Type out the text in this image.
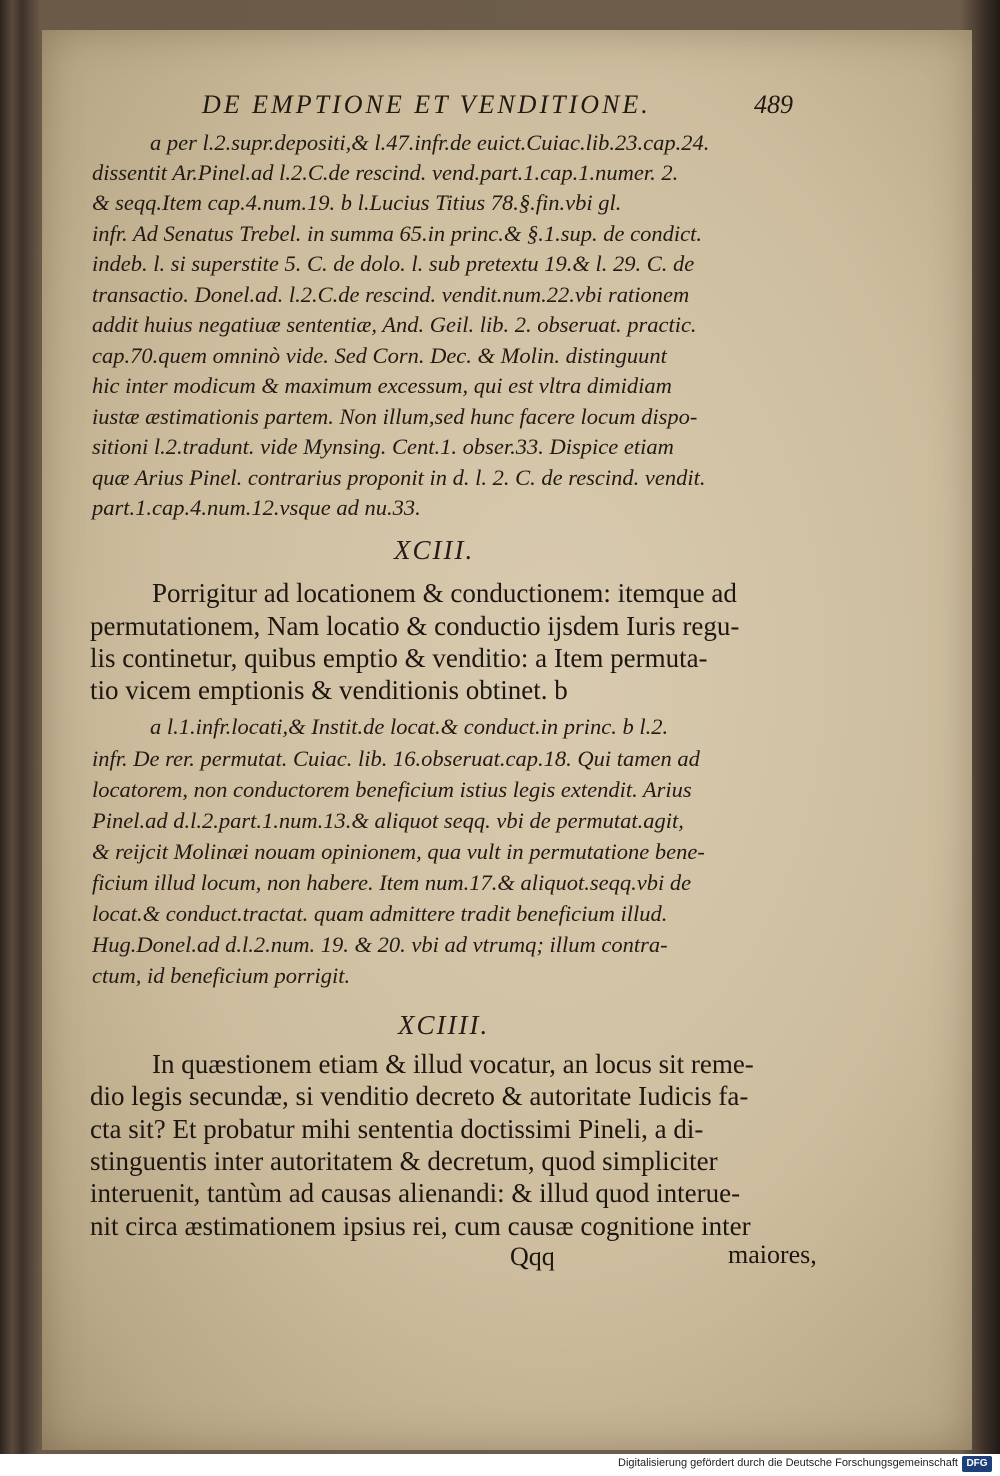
DE EMPTIONE ET VENDITIONE.	489
a per l.2.supr.depositi,& l.47.infr.de euict.Cuiac.lib.23.cap.24.
dissentit Ar.Pinel.ad l.2.C.de rescind. vend.part.1.cap.1.numer. 2.
& seqq.Item cap.4.num.19. b l.Lucius Titius 78.§.fin.vbi gl.
infr. Ad Senatus Trebel. in summa 65.in princ.& §.1.sup. de condict.
indeb. l. si superstite 5. C. de dolo. l. sub pretextu 19.& l. 29. C. de
transactio. Donel.ad. l.2.C.de rescind. vendit.num.22.vbi rationem
addit huius negatiuæ sententiæ, And. Geil. lib. 2. obseruat. practic.
cap.70.quem omninò vide. Sed Corn. Dec. & Molin. distinguunt
hic inter modicum & maximum excessum, qui est vltra dimidiam
iustæ æstimationis partem. Non illum,sed hunc facere locum dispo-
sitioni l.2.tradunt. vide Mynsing. Cent.1. obser.33. Dispice etiam
quæ Arius Pinel. contrarius proponit in d. l. 2. C. de rescind. vendit.
part.1.cap.4.num.12.vsque ad nu.33.
XCIII.
Porrigitur ad locationem & conductionem: itemque ad
permutationem, Nam locatio & conductio ijsdem Iuris regu-
lis continetur, quibus emptio & venditio: a Item permuta-
tio vicem emptionis & venditionis obtinet. b
a l.1.infr.locati,& Instit.de locat.& conduct.in princ. b l.2.
infr. De rer. permutat. Cuiac. lib. 16.obseruat.cap.18. Qui tamen ad
locatorem, non conductorem beneficium istius legis extendit. Arius
Pinel.ad d.l.2.part.1.num.13.& aliquot seqq. vbi de permutat.agit,
& reijcit Molinæi nouam opinionem, qua vult in permutatione bene-
ficium illud locum, non habere. Item num.17.& aliquot.seqq.vbi de
locat.& conduct.tractat. quam admittere tradit beneficium illud.
Hug.Donel.ad d.l.2.num. 19. & 20. vbi ad vtrumq; illum contra-
ctum, id beneficium porrigit.
XCIIII.
In quæstionem etiam & illud vocatur, an locus sit reme-
dio legis secundæ, si venditio decreto & autoritate Iudicis fa-
cta sit? Et probatur mihi sententia doctissimi Pineli, a di-
stinguentis inter autoritatem & decretum, quod simpliciter
interuenit, tantùm ad causas alienandi: & illud quod interue-
nit circa æstimationem ipsius rei, cum causæ cognitione inter
Qqq	maiores,
Digitalisierung gefördert durch die Deutsche Forschungsgemeinschaft DFG
